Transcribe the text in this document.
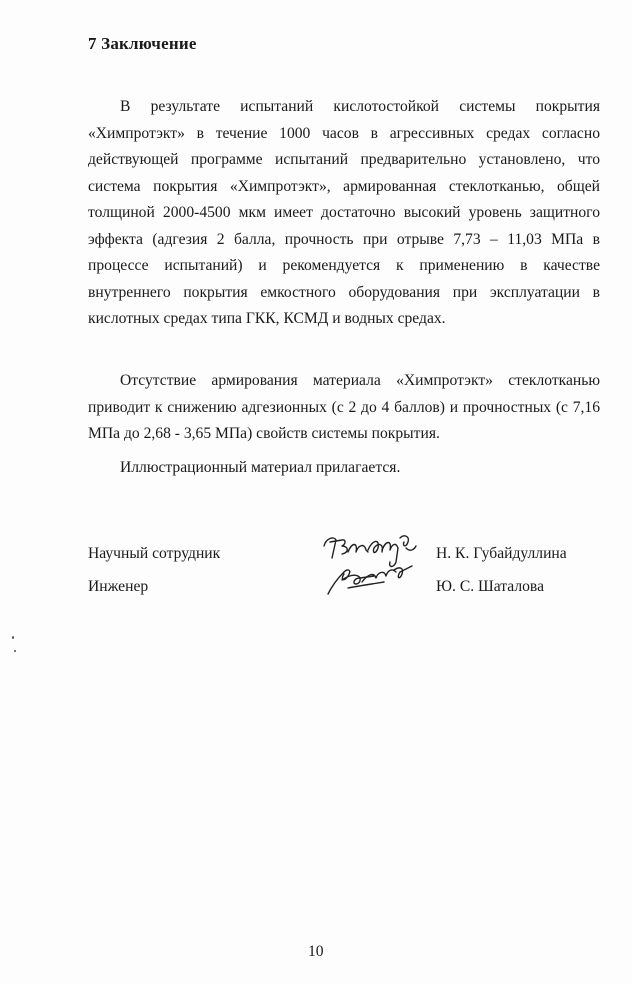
7 Заключение

В результате испытаний кислотостойкой системы покрытия «Химпротэкт» в течение 1000 часов в агрессивных средах согласно действующей программе испытаний предварительно установлено, что система покрытия «Химпротэкт», армированная стеклотканью, общей толщиной 2000-4500 мкм имеет достаточно высокий уровень защитного эффекта (адгезия 2 балла, прочность при отрыве 7,73 – 11,03 МПа в процессе испытаний) и рекомендуется к применению в качестве внутреннего покрытия емкостного оборудования при эксплуатации в кислотных средах типа ГКК, КСМД и водных средах.

Отсутствие армирования материала «Химпротэкт» стеклотканью приводит к снижению адгезионных (с 2 до 4 баллов) и прочностных (с 7,16 МПа до 2,68 - 3,65 МПа) свойств системы покрытия.

Иллюстрационный материал прилагается.

Научный сотрудник
Инженер
Н. К. Губайдуллина
Ю. С. Шаталова
10
